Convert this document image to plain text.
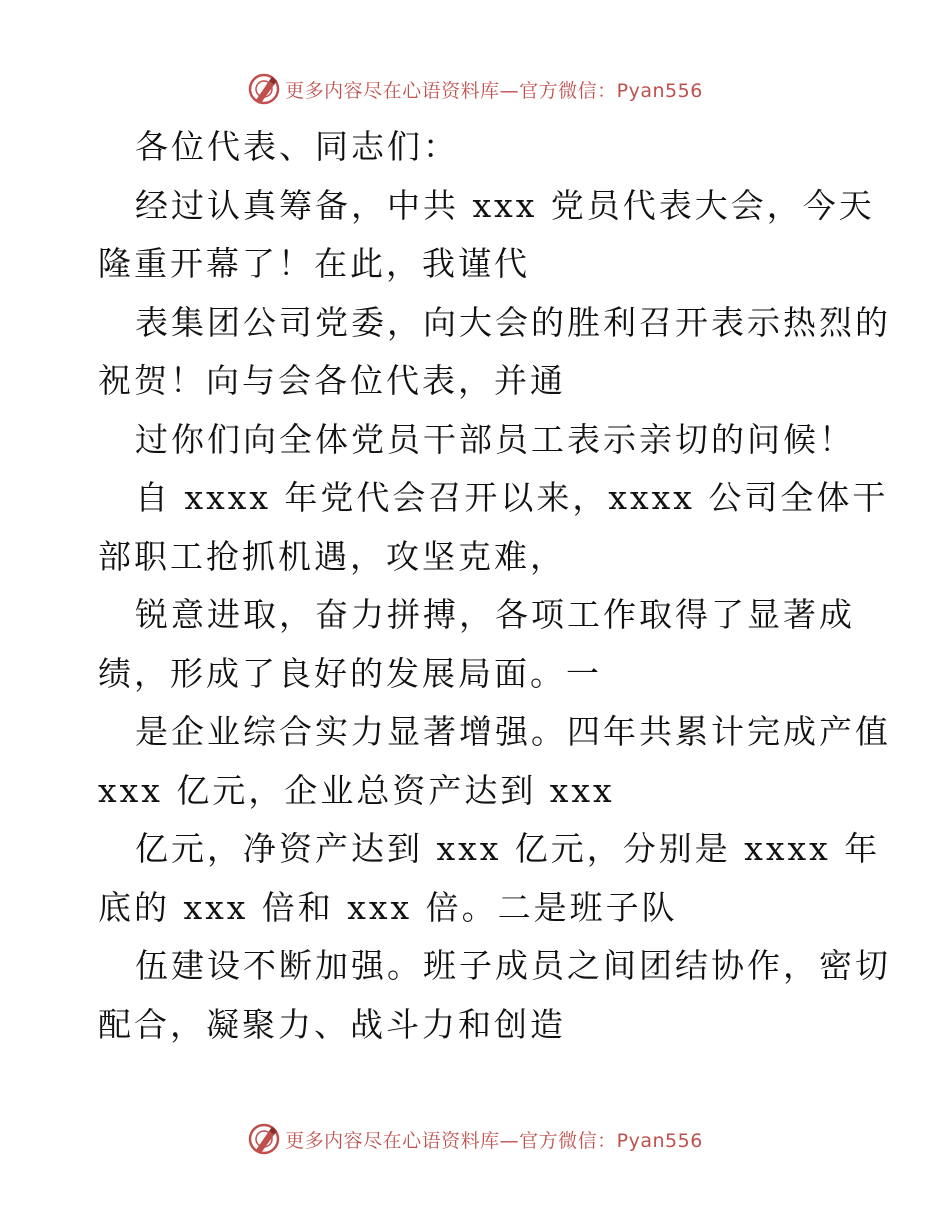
更多内容尽在心语资料库—官方微信：Pyan556
各位代表、同志们：
经过认真筹备，中共 xxx 党员代表大会，今天
隆重开幕了！在此，我谨代
表集团公司党委，向大会的胜利召开表示热烈的
祝贺！向与会各位代表，并通
过你们向全体党员干部员工表示亲切的问候！
自 xxxx 年党代会召开以来，xxxx 公司全体干
部职工抢抓机遇，攻坚克难，
锐意进取，奋力拼搏，各项工作取得了显著成
绩，形成了良好的发展局面。一
是企业综合实力显著增强。四年共累计完成产值
xxx 亿元，企业总资产达到 xxx
亿元，净资产达到 xxx 亿元，分别是 xxxx 年
底的 xxx 倍和 xxx 倍。二是班子队
伍建设不断加强。班子成员之间团结协作，密切
配合，凝聚力、战斗力和创造
更多内容尽在心语资料库—官方微信：Pyan556
